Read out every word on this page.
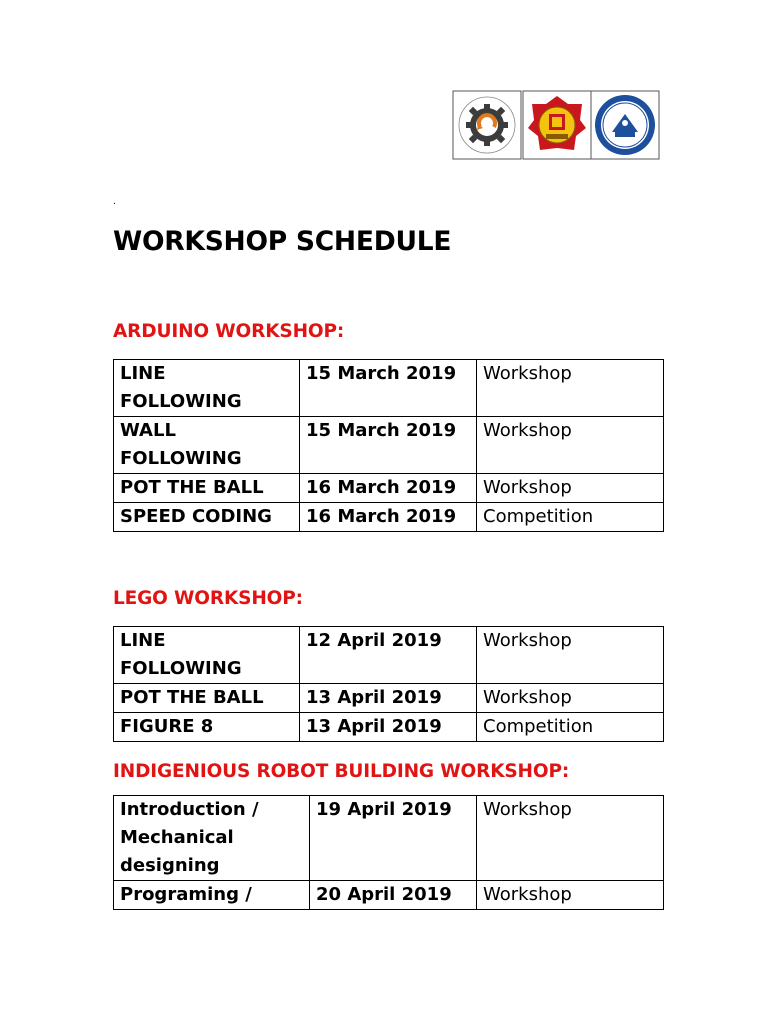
.
WORKSHOP SCHEDULE
ARDUINO WORKSHOP:
LINE FOLLOWING	15 March 2019	Workshop
WALL FOLLOWING	15 March 2019	Workshop
POT THE BALL	16 March 2019	Workshop
SPEED CODING	16 March 2019	Competition
LEGO WORKSHOP:
LINE FOLLOWING	12 April 2019	Workshop
POT THE BALL	13 April 2019	Workshop
FIGURE 8	13 April 2019	Competition
INDIGENIOUS ROBOT BUILDING WORKSHOP:
Introduction / Mechanical designing	19 April 2019	Workshop
Programing /	20 April 2019	Workshop
